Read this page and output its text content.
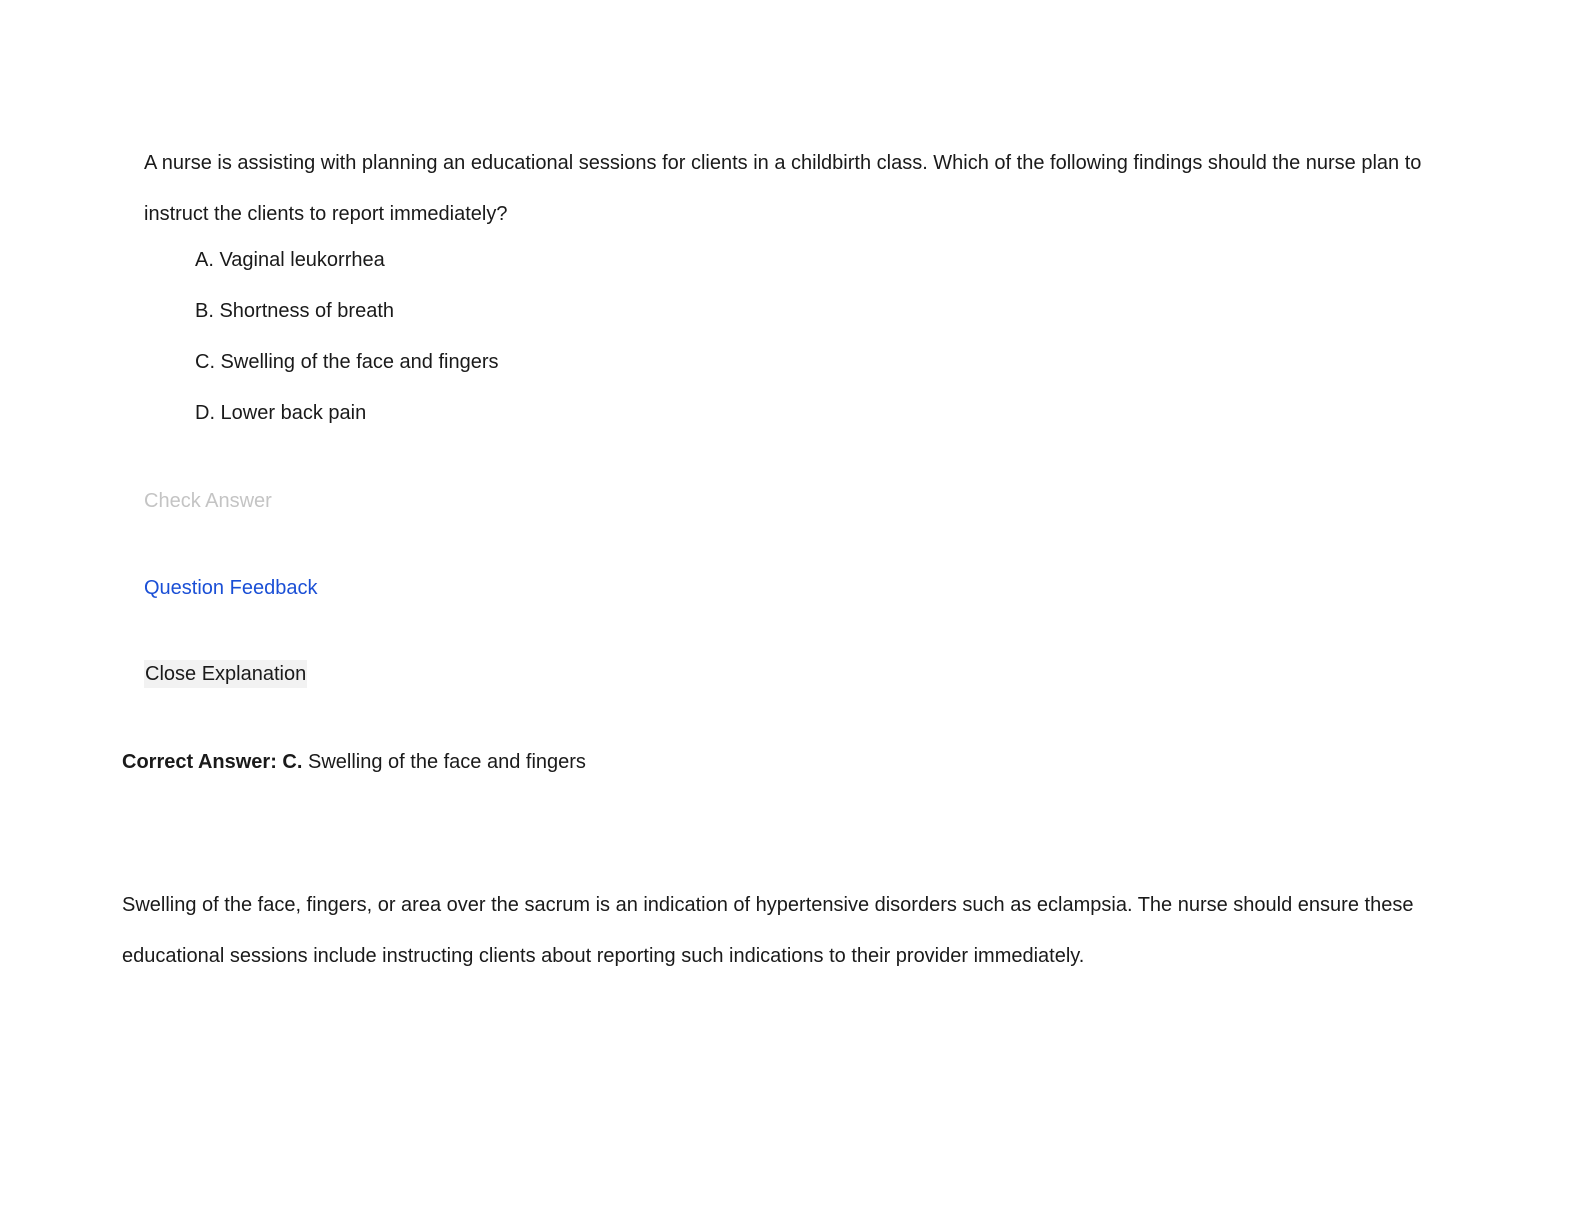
A nurse is assisting with planning an educational sessions for clients in a childbirth class. Which of the following findings should the nurse plan to instruct the clients to report immediately?

A. Vaginal leukorrhea
B. Shortness of breath
C. Swelling of the face and fingers
D. Lower back pain
Check Answer
Question Feedback
Close Explanation
Correct Answer: C. Swelling of the face and fingers

Swelling of the face, fingers, or area over the sacrum is an indication of hypertensive disorders such as eclampsia. The nurse should ensure these educational sessions include instructing clients about reporting such indications to their provider immediately.
